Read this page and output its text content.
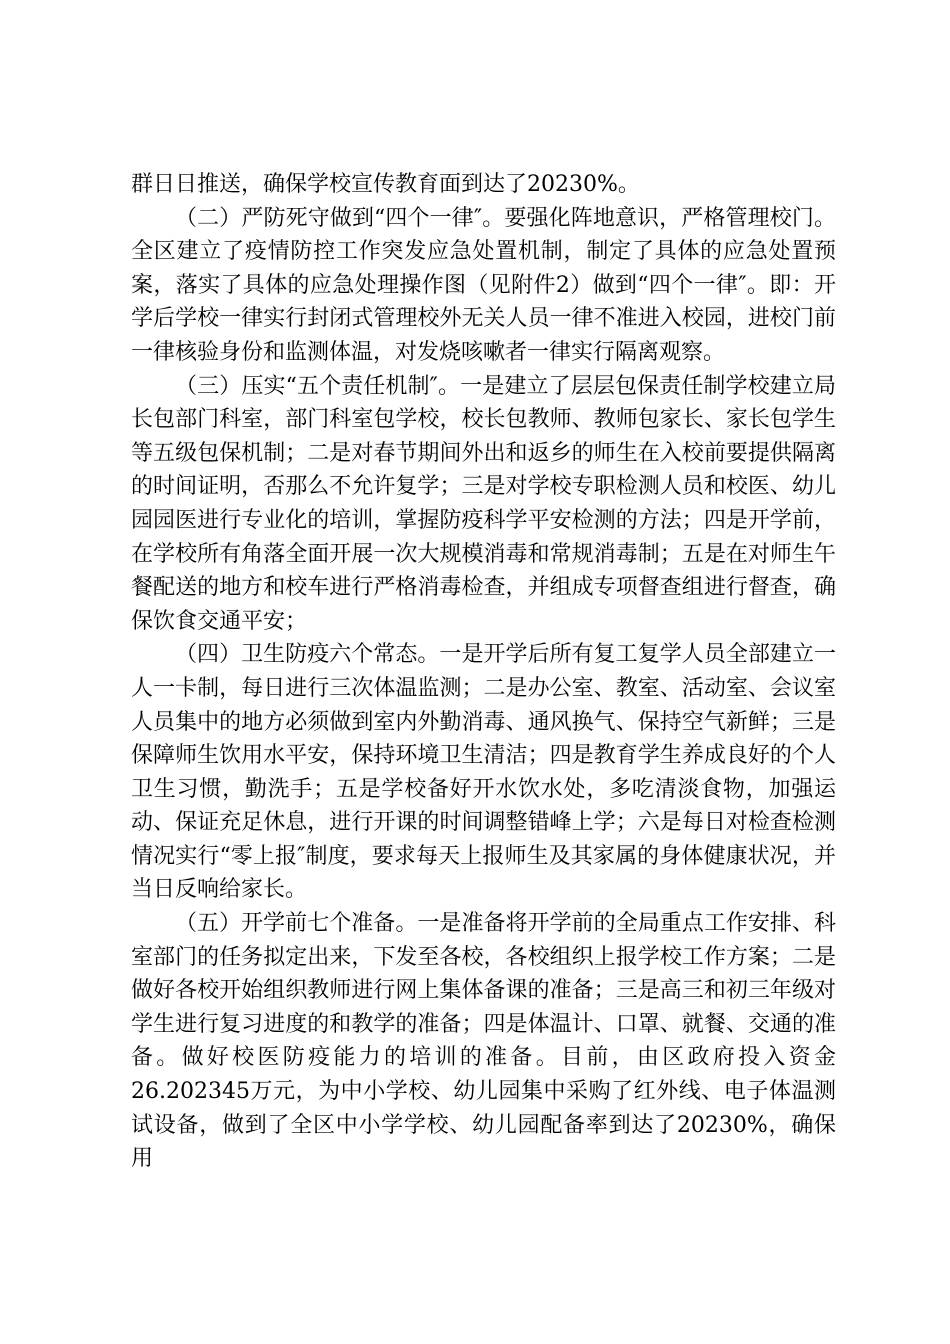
群日日推送，确保学校宣传教育面到达了20230%。

（二）严防死守做到“四个一律″。要强化阵地意识，严格管理校门。全区建立了疫情防控工作突发应急处置机制，制定了具体的应急处置预案，落实了具体的应急处理操作图（见附件2）做到“四个一律″。即：开学后学校一律实行封闭式管理校外无关人员一律不准进入校园，进校门前一律核验身份和监测体温，对发烧咳嗽者一律实行隔离观察。

（三）压实“五个责任机制″。一是建立了层层包保责任制学校建立局长包部门科室，部门科室包学校，校长包教师、教师包家长、家长包学生等五级包保机制；二是对春节期间外出和返乡的师生在入校前要提供隔离的时间证明，否那么不允许复学；三是对学校专职检测人员和校医、幼儿园园医进行专业化的培训，掌握防疫科学平安检测的方法；四是开学前，在学校所有角落全面开展一次大规模消毒和常规消毒制；五是在对师生午餐配送的地方和校车进行严格消毒检查，并组成专项督查组进行督查，确保饮食交通平安；

（四）卫生防疫六个常态。一是开学后所有复工复学人员全部建立一人一卡制，每日进行三次体温监测；二是办公室、教室、活动室、会议室人员集中的地方必须做到室内外勤消毒、通风换气、保持空气新鲜；三是保障师生饮用水平安，保持环境卫生清洁；四是教育学生养成良好的个人卫生习惯，勤洗手；五是学校备好开水饮水处，多吃清淡食物，加强运动、保证充足休息，进行开课的时间调整错峰上学；六是每日对检查检测情况实行“零上报″制度，要求每天上报师生及其家属的身体健康状况，并当日反响给家长。

（五）开学前七个准备。一是准备将开学前的全局重点工作安排、科室部门的任务拟定出来，下发至各校，各校组织上报学校工作方案；二是做好各校开始组织教师进行网上集体备课的准备；三是高三和初三年级对学生进行复习进度的和教学的准备；四是体温计、口罩、就餐、交通的准备。做好校医防疫能力的培训的准备。目前，由区政府投入资金26.202345万元，为中小学校、幼儿园集中采购了红外线、电子体温测试设备，做到了全区中小学学校、幼儿园配备率到达了20230%，确保用
